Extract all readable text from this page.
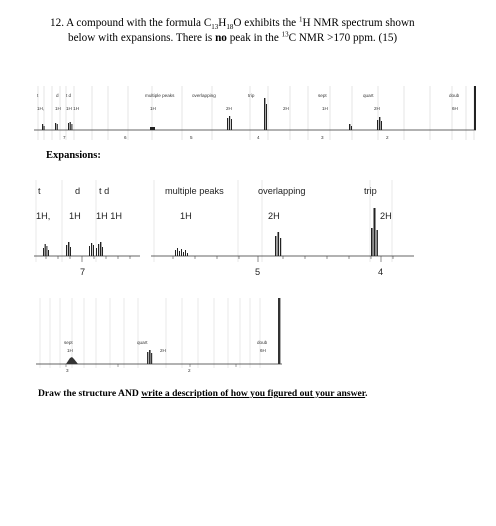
12. A compound with the formula $C_{13}H_{18}O$ exhibits the $^1$H NMR spectrum shown
below with expansions. There is no peak in the $^{13}$C NMR >170 ppm. (15)
t	d t d	multiple peaks	overlapping	trip	sept	quart	doub
1H, 1H 1H 1H	1H	2H	2H	1H	2H	6H
7	6	5	4	3	2
Expansions:
t	d t d	multiple peaks	overlapping	trip
1H, 1H 1H 1H	1H	2H	2H
7	5	4
sept
1H
quart
2H
doub
6H
3	2
Draw the structure AND write a description of how you figured out your answer.
